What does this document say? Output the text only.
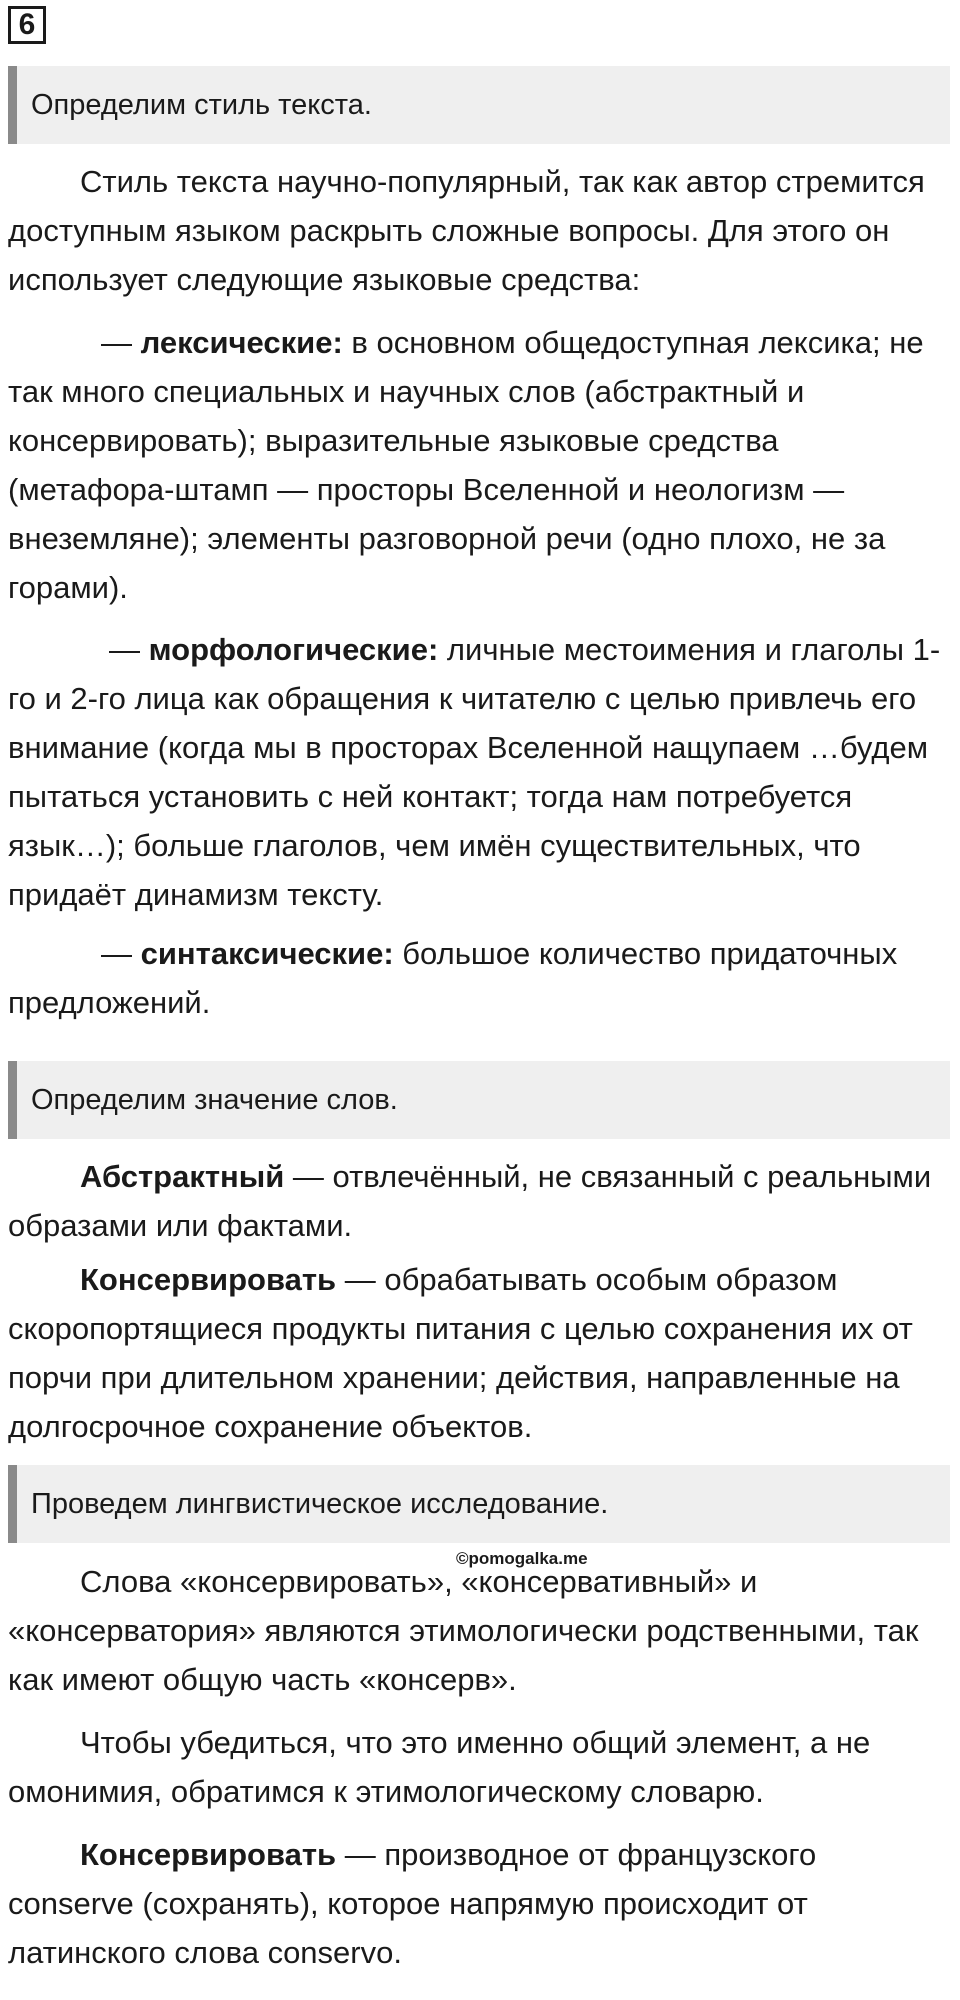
6
Определим стиль текста.

Стиль текста научно-популярный, так как автор стремится доступным языком раскрыть сложные вопросы. Для этого он использует следующие языковые средства:

— лексические: в основном общедоступная лексика; не так много специальных и научных слов (абстрактный и консервировать); выразительные языковые средства (метафора-штамп — просторы Вселенной и неологизм — внеземляне); элементы разговорной речи (одно плохо, не за горами).

— морфологические: личные местоимения и глаголы 1-го и 2-го лица как обращения к читателю с целью привлечь его внимание (когда мы в просторах Вселенной нащупаем …будем пытаться установить с ней контакт; тогда нам потребуется язык…); больше глаголов, чем имён существительных, что придаёт динамизм тексту.

— синтаксические: большое количество придаточных предложений.

Определим значение слов.

Абстрактный — отвлечённый, не связанный с реальными образами или фактами.

Консервировать — обрабатывать особым образом скоропортящиеся продукты питания с целью сохранения их от порчи при длительном хранении; действия, направленные на долгосрочное сохранение объектов.

Проведем лингвистическое исследование.
©pomogalka.me

Слова «консервировать», «консервативный» и «консерватория» являются этимологически родственными, так как имеют общую часть «консерв».

Чтобы убедиться, что это именно общий элемент, а не омонимия, обратимся к этимологическому словарю.

Консервировать — производное от французского conserve (сохранять), которое напрямую происходит от латинского слова conservo.
